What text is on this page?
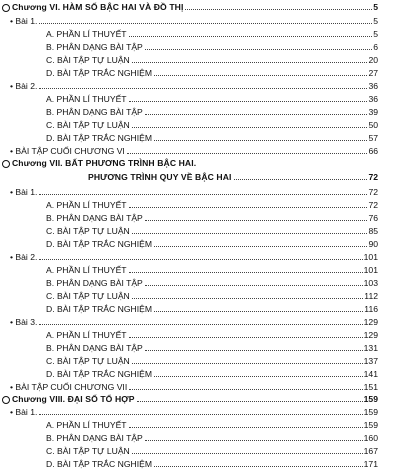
Chương VI. HÀM SỐ BẬC HAI VÀ ĐỒ THỊ	5
• Bài 1.	5
A. PHẦN LÍ THUYẾT	5
B. PHÂN DẠNG BÀI TẬP	6
C. BÀI TẬP TỰ LUẬN	20
D. BÀI TẬP TRẮC NGHIỆM	27
• Bài 2.	36
A. PHẦN LÍ THUYẾT	36
B. PHÂN DẠNG BÀI TẬP	39
C. BÀI TẬP TỰ LUẬN	50
D. BÀI TẬP TRẮC NGHIỆM	57
• BÀI TẬP CUỐI CHƯƠNG VI	66
Chương VII. BẤT PHƯƠNG TRÌNH BẬC HAI.
PHƯƠNG TRÌNH QUY VỀ BẬC HAI	72
• Bài 1.	72
A. PHẦN LÍ THUYẾT	72
B. PHÂN DẠNG BÀI TẬP	76
C. BÀI TẬP TỰ LUẬN	85
D. BÀI TẬP TRẮC NGHIỆM	90
• Bài 2.	101
A. PHẦN LÍ THUYẾT	101
B. PHÂN DẠNG BÀI TẬP	103
C. BÀI TẬP TỰ LUẬN	112
D. BÀI TẬP TRẮC NGHIỆM	116
• Bài 3.	129
A. PHẦN LÍ THUYẾT	129
B. PHÂN DẠNG BÀI TẬP	131
C. BÀI TẬP TỰ LUẬN	137
D. BÀI TẬP TRẮC NGHIỆM	141
• BÀI TẬP CUỐI CHƯƠNG VII	151
Chương VIII. ĐẠI SỐ TỔ HỢP	159
• Bài 1.	159
A. PHẦN LÍ THUYẾT	159
B. PHÂN DẠNG BÀI TẬP	160
C. BÀI TẬP TỰ LUẬN	167
D. BÀI TẬP TRẮC NGHIỆM	171
